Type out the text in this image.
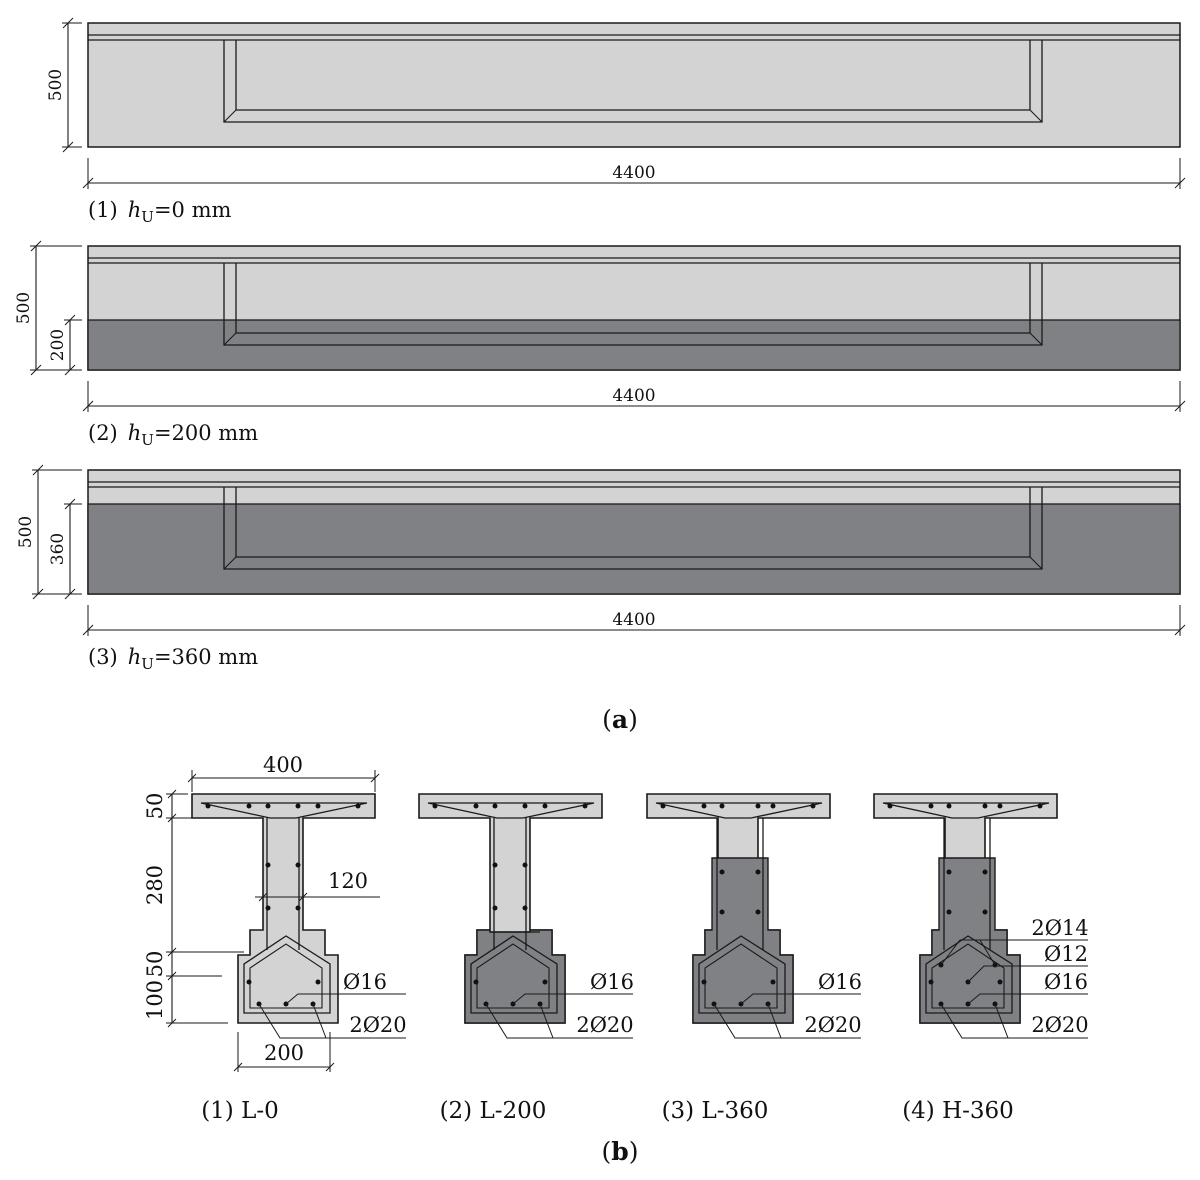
500
4400
(1) $h_U=0$ mm
500
200
4400
(2) $h_U=200$ mm
500
360
4400
(3) $h_U=360$ mm
(a)
400
50
280
50
100
120
200
Ø16
2Ø20
(1) L-0
Ø16
2Ø20
(2) L-200
Ø16
2Ø20
(3) L-360
2Ø14
Ø12
Ø16
2Ø20
(4) H-360
(b)
